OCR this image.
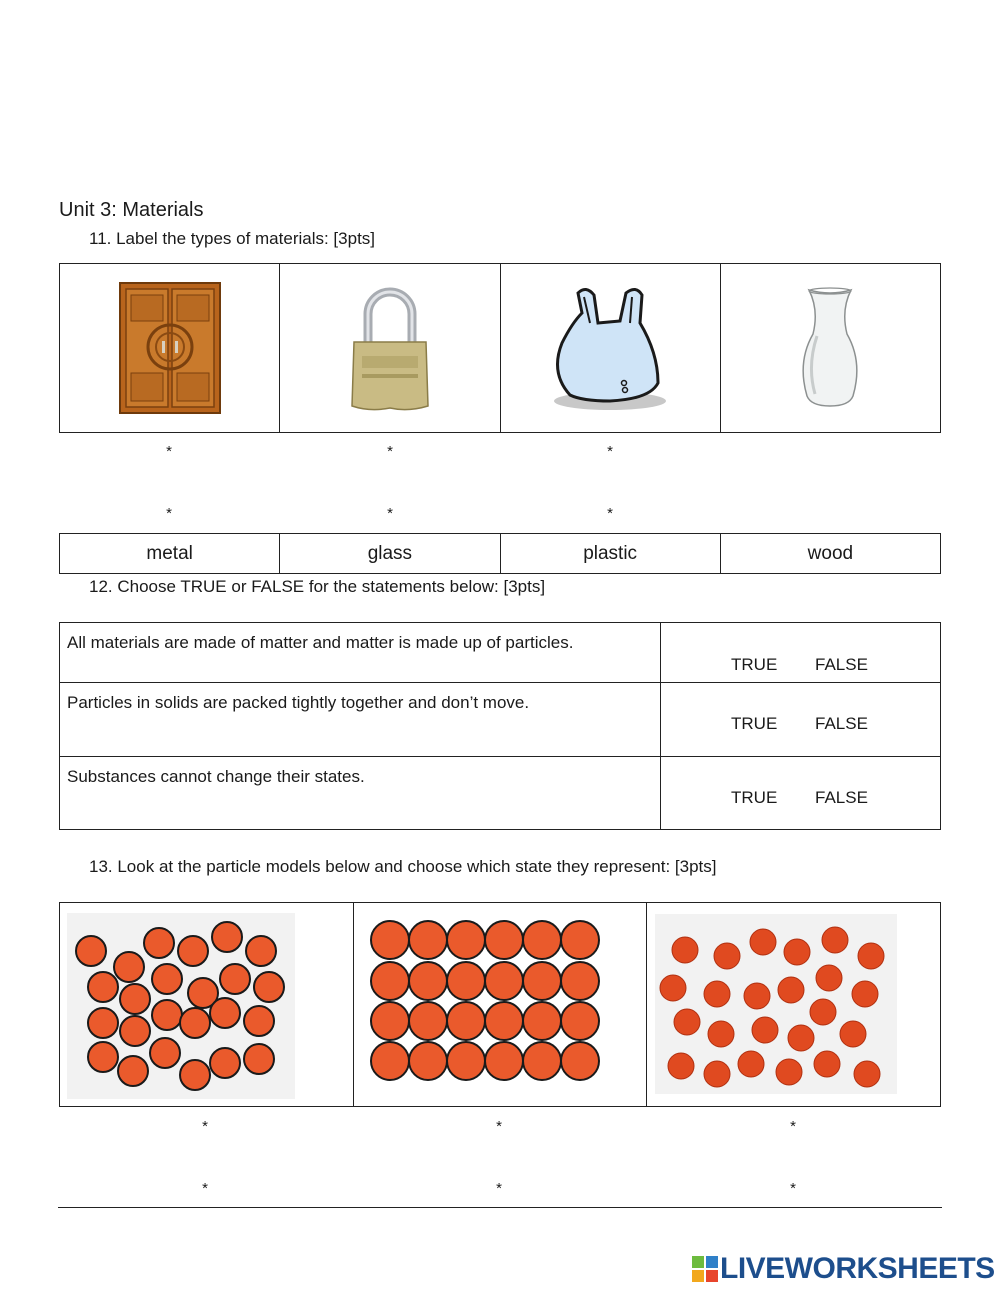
Unit 3: Materials
11. Label the types of materials: [3pts]
*	*	*
*	*	*
metal	glass	plastic	wood
12. Choose TRUE or FALSE for the statements below: [3pts]
All materials are made of matter and matter is made up of particles.
TRUE FALSE
Particles in solids are packed tightly together and don’t move.
TRUE FALSE
Substances cannot change their states.
TRUE FALSE
13. Look at the particle models below and choose which state they represent: [3pts]
*	*	*
*	*	*
LIVEWORKSHEETS
